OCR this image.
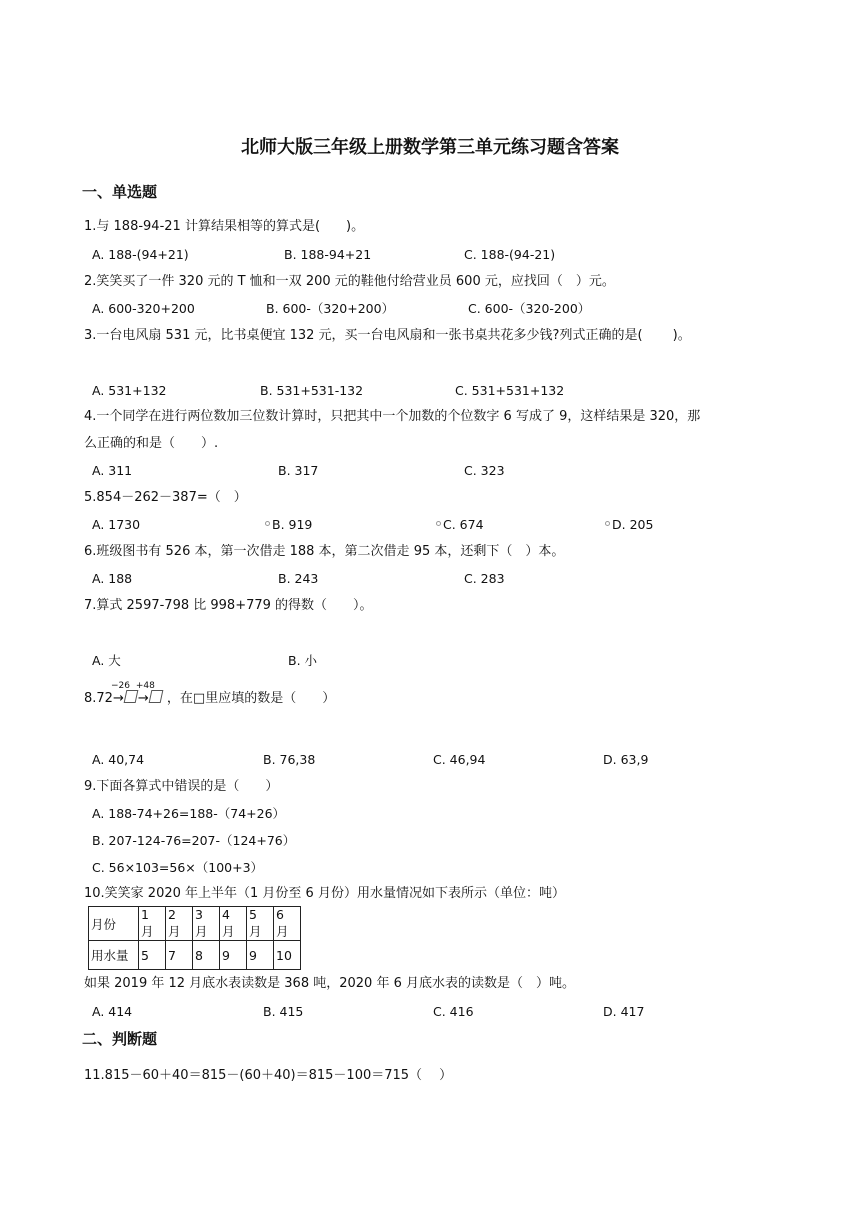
北师大版三年级上册数学第三单元练习题含答案
一、单选题
1.与 188-94-21 计算结果相等的算式是(　　)。
A. 188-(94+21)	B. 188-94+21	C. 188-(94-21)
2.笑笑买了一件 320 元的 T 恤和一双 200 元的鞋他付给营业员 600 元，应找回（　）元。
A. 600-320+200	B. 600-（320+200）	C. 600-（320-200）
3.一台电风扇 531 元，比书桌便宜 132 元，买一台电风扇和一张书桌共花多少钱?列式正确的是(　　 )。
A. 531+132	B. 531+531-132	C. 531+531+132
4.一个同学在进行两位数加三位数计算时，只把其中一个加数的个位数字 6 写成了 9，这样结果是 320，那
么正确的和是（　　）.
A. 311	B. 317	C. 323
5.854－262－387=（　）
A. 1730	B. 919	C. 674	D. 205
6.班级图书有 526 本，第一次借走 188 本，第二次借走 95 本，还剩下（　）本。
A. 188	B. 243	C. 283
7.算式 2597-798 比 998+779 的得数（　　）。
A. 大	B. 小
8.72
−26
→
+48
→ ，在□里应填的数是（　　）
A. 40,74	B. 76,38	C. 46,94	D. 63,9
9.下面各算式中错误的是（　　）
A. 188-74+26=188-（74+26）
B. 207-124-76=207-（124+76）
C. 56×103=56×（100+3）
10.笑笑家 2020 年上半年（1 月份至 6 月份）用水量情况如下表所示（单位：吨）
月份	1 月	2 月	3 月	4 月	5 月	6 月
用水量	5	7	8	9	9	10
如果 2019 年 12 月底水表读数是 368 吨，2020 年 6 月底水表的读数是（　）吨。
A. 414	B. 415	C. 416	D. 417
二、判断题
11.815－60＋40＝815－(60＋40)＝815－100＝715（　 ）
